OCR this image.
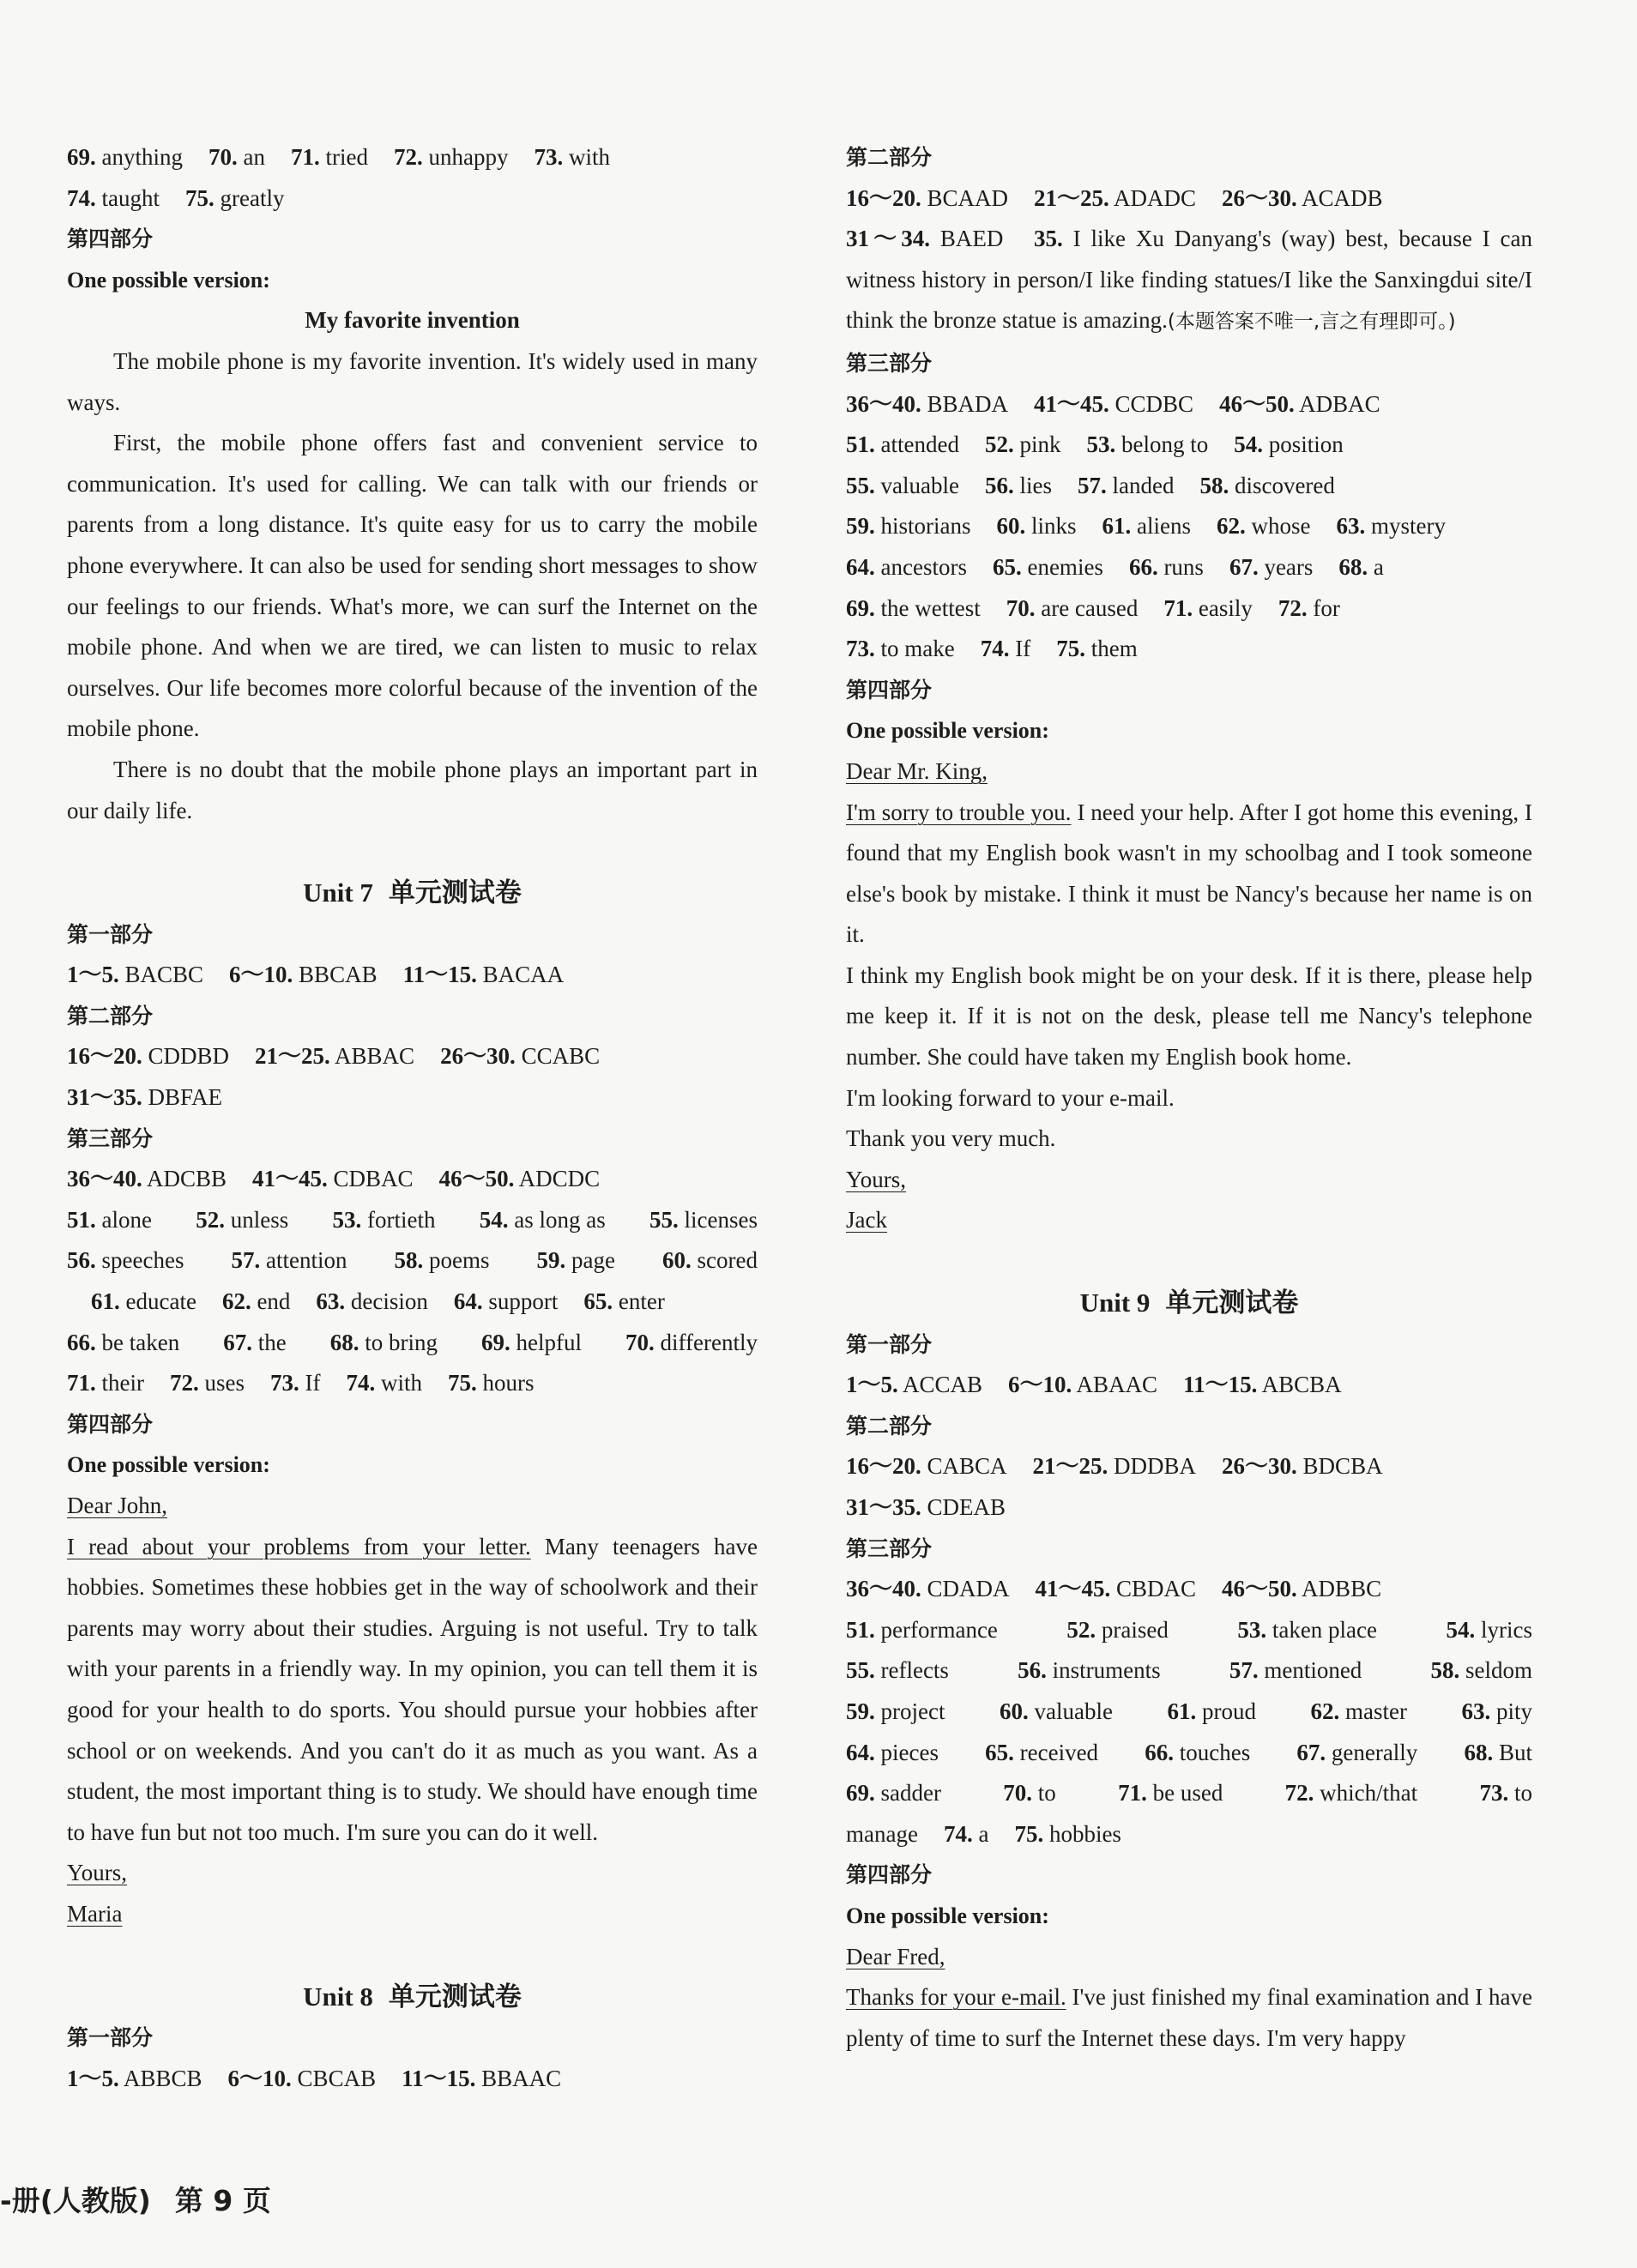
69. anything 70. an 71. tried 72. unhappy 73. with
74. taught 75. greatly
第四部分
One possible version:
My favorite invention
The mobile phone is my favorite invention. It's widely used in many ways.
First, the mobile phone offers fast and convenient service to communication. It's used for calling. We can talk with our friends or parents from a long distance. It's quite easy for us to carry the mobile phone everywhere. It can also be used for sending short messages to show our feelings to our friends. What's more, we can surf the Internet on the mobile phone. And when we are tired, we can listen to music to relax ourselves. Our life becomes more colorful because of the invention of the mobile phone.
There is no doubt that the mobile phone plays an important part in our daily life.
Unit 7 单元测试卷
第一部分
1～5. BACBC 6～10. BBCAB 11～15. BACAA
第二部分
16～20. CDDBD 21～25. ABBAC 26～30. CCABC
31～35. DBFAE
第三部分
36～40. ADCBB 41～45. CDBAC 46～50. ADCDC
51. alone 52. unless 53. fortieth 54. as long as 55. licenses
56. speeches 57. attention 58. poems 59. page 60. scored
61. educate 62. end 63. decision 64. support 65. enter
66. be taken 67. the 68. to bring 69. helpful 70. differently
71. their 72. uses 73. If 74. with 75. hours
第四部分
One possible version:
Dear John,
I read about your problems from your letter. Many teenagers have hobbies. Sometimes these hobbies get in the way of schoolwork and their parents may worry about their studies. Arguing is not useful. Try to talk with your parents in a friendly way. In my opinion, you can tell them it is good for your health to do sports. You should pursue your hobbies after school or on weekends. And you can't do it as much as you want. As a student, the most important thing is to study. We should have enough time to have fun but not too much. I'm sure you can do it well.
Yours,
Maria
Unit 8 单元测试卷
第一部分
1～5. ABBCB 6～10. CBCAB 11～15. BBAAC
第二部分
16～20. BCAAD 21～25. ADADC 26～30. ACADB
31～34. BAED 35. I like Xu Danyang's (way) best, because I can witness history in person/I like finding statues/I like the Sanxingdui site/I think the bronze statue is amazing.(本题答案不唯一,言之有理即可。)
第三部分
36～40. BBADA 41～45. CCDBC 46～50. ADBAC
51. attended 52. pink 53. belong to 54. position
55. valuable 56. lies 57. landed 58. discovered
59. historians 60. links 61. aliens 62. whose 63. mystery
64. ancestors 65. enemies 66. runs 67. years 68. a
69. the wettest 70. are caused 71. easily 72. for
73. to make 74. If 75. them
第四部分
One possible version:
Dear Mr. King,
I'm sorry to trouble you. I need your help. After I got home this evening, I found that my English book wasn't in my schoolbag and I took someone else's book by mistake. I think it must be Nancy's because her name is on it.
I think my English book might be on your desk. If it is there, please help me keep it. If it is not on the desk, please tell me Nancy's telephone number. She could have taken my English book home.
I'm looking forward to your e-mail.
Thank you very much.
Yours,
Jack
Unit 9 单元测试卷
第一部分
1～5. ACCAB 6～10. ABAAC 11～15. ABCBA
第二部分
16～20. CABCA 21～25. DDDBA 26～30. BDCBA
31～35. CDEAB
第三部分
36～40. CDADA 41～45. CBDAC 46～50. ADBBC
51. performance	52. praised	53. taken place	54. lyrics
55. reflects	56. instruments	57. mentioned	58. seldom
59. project 60. valuable 61. proud 62. master 63. pity
64. pieces 65. received 66. touches 67. generally 68. But
69. sadder	70. to	71. be used	72. which/that	73. to
manage 74. a 75. hobbies
第四部分
One possible version:
Dear Fred,
Thanks for your e-mail. I've just finished my final examination and I have plenty of time to surf the Internet these days. I'm very happy
-册(人教版) 第 9 页
